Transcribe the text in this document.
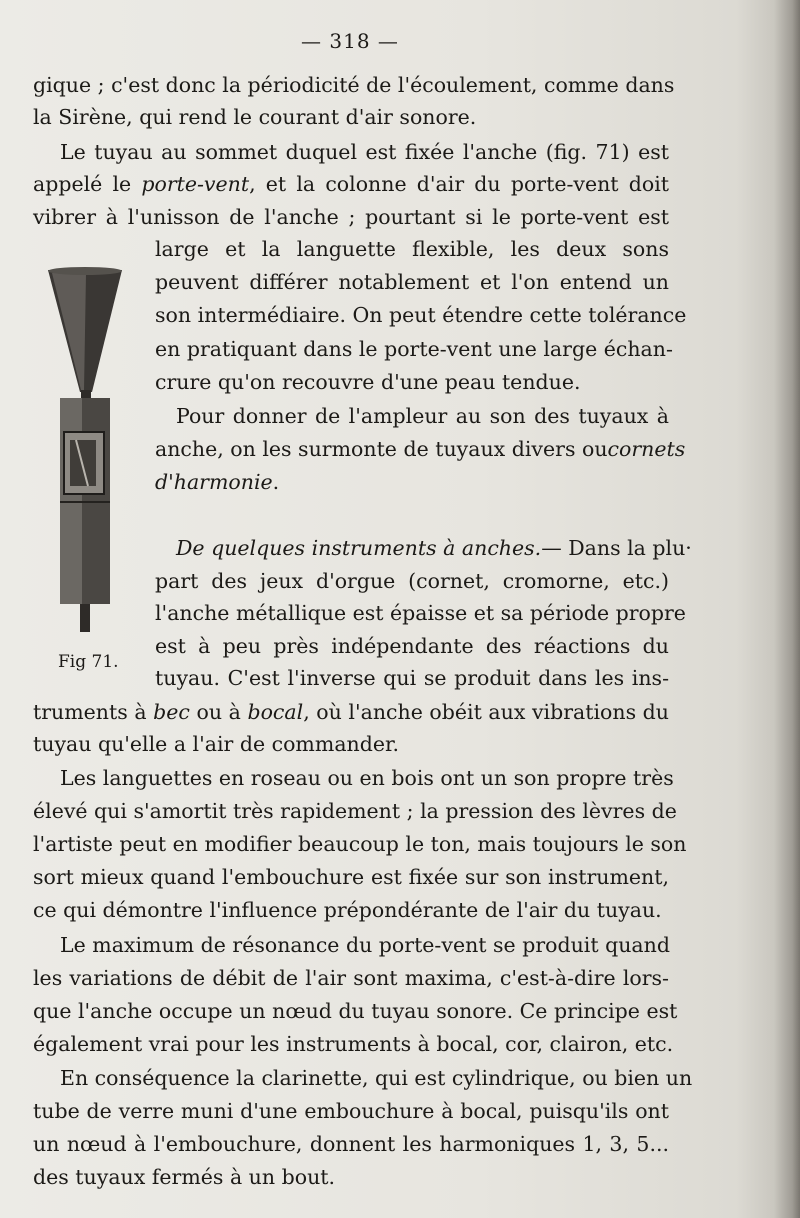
— 318 —
gique ; c'est donc la périodicité de l'écoulement, comme dans
la Sirène, qui rend le courant d'air sonore.
Le tuyau au sommet duquel est fixée l'anche (fig. 71) est
appelé le porte-vent, et la colonne d'air du porte-vent doit
vibrer à l'unisson de l'anche ; pourtant si le porte-vent est
Fig 71.
large et la languette flexible, les deux sons
peuvent différer notablement et l'on entend un
son intermédiaire. On peut étendre cette tolérance
en pratiquant dans le porte-vent une large échan-
crure qu'on recouvre d'une peau tendue.
Pour donner de l'ampleur au son des tuyaux à
anche, on les surmonte de tuyaux divers oucornets
d'harmonie.
De quelques instruments à anches.— Dans la plu·
part des jeux d'orgue (cornet, cromorne, etc.)
l'anche métallique est épaisse et sa période propre
est à peu près indépendante des réactions du
tuyau. C'est l'inverse qui se produit dans les ins-
truments à bec ou à bocal, où l'anche obéit aux vibrations du
tuyau qu'elle a l'air de commander.
Les languettes en roseau ou en bois ont un son propre très
élevé qui s'amortit très rapidement ; la pression des lèvres de
l'artiste peut en modifier beaucoup le ton, mais toujours le son
sort mieux quand l'embouchure est fixée sur son instrument,
ce qui démontre l'influence prépondérante de l'air du tuyau.
Le maximum de résonance du porte-vent se produit quand
les variations de débit de l'air sont maxima, c'est-à-dire lors-
que l'anche occupe un nœud du tuyau sonore. Ce principe est
également vrai pour les instruments à bocal, cor, clairon, etc.
En conséquence la clarinette, qui est cylindrique, ou bien un
tube de verre muni d'une embouchure à bocal, puisqu'ils ont
un nœud à l'embouchure, donnent les harmoniques 1, 3, 5...
des tuyaux fermés à un bout.
